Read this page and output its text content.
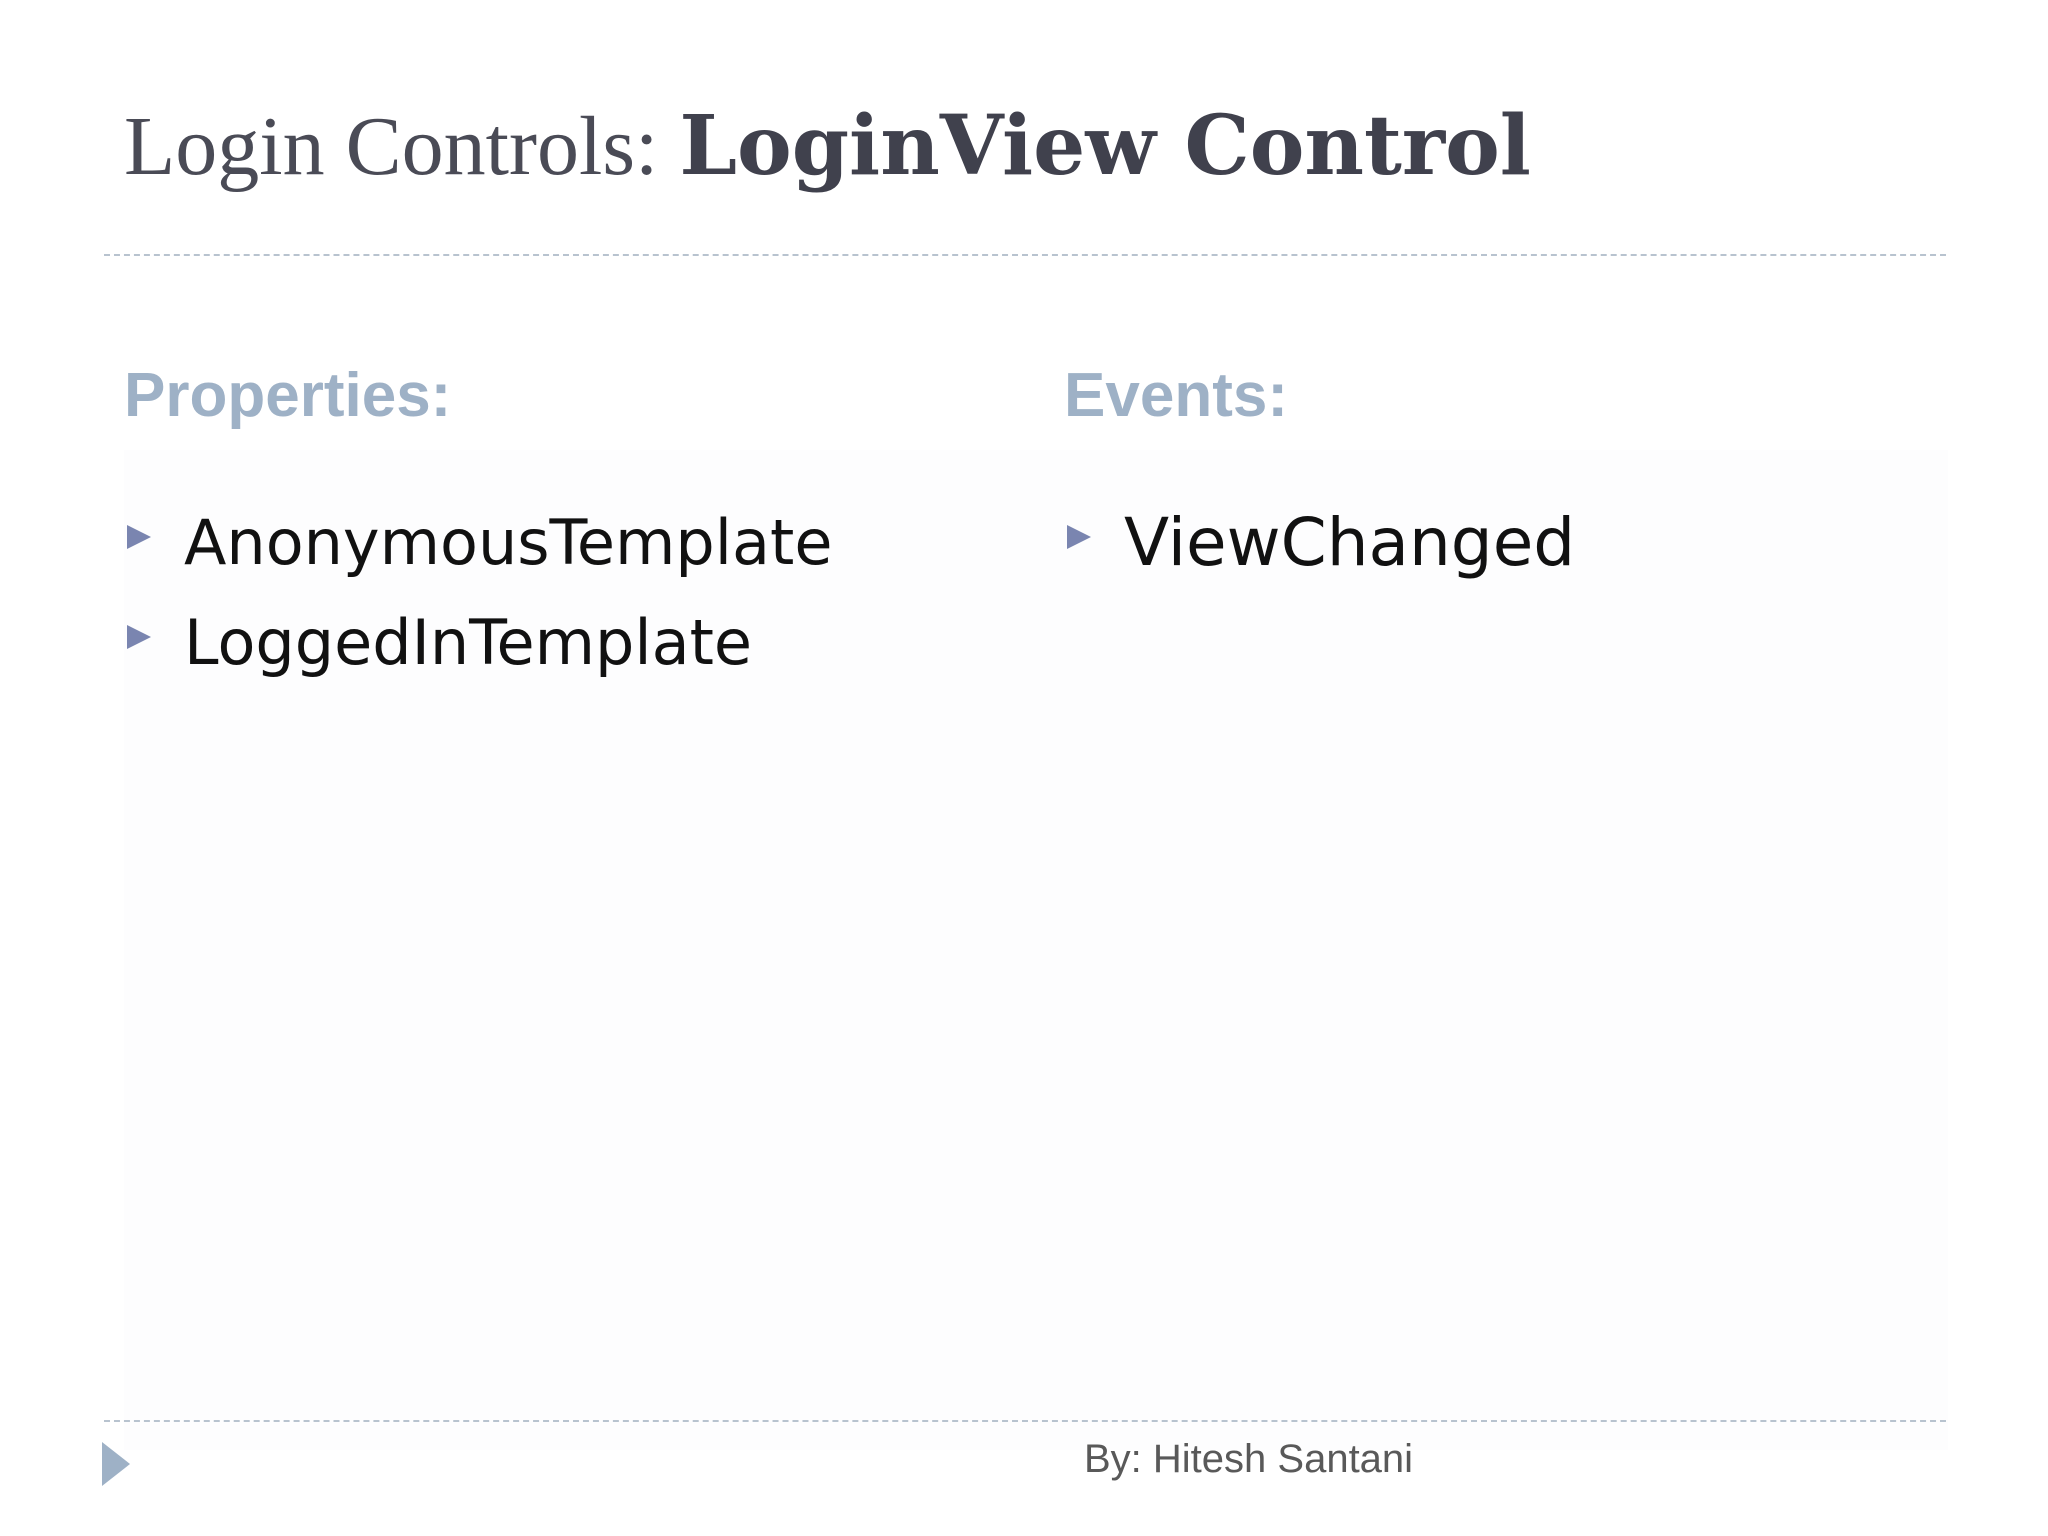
Login Controls: LoginView Control
Properties:
AnonymousTemplate
LoggedInTemplate
Events:
ViewChanged
By: Hitesh Santani
